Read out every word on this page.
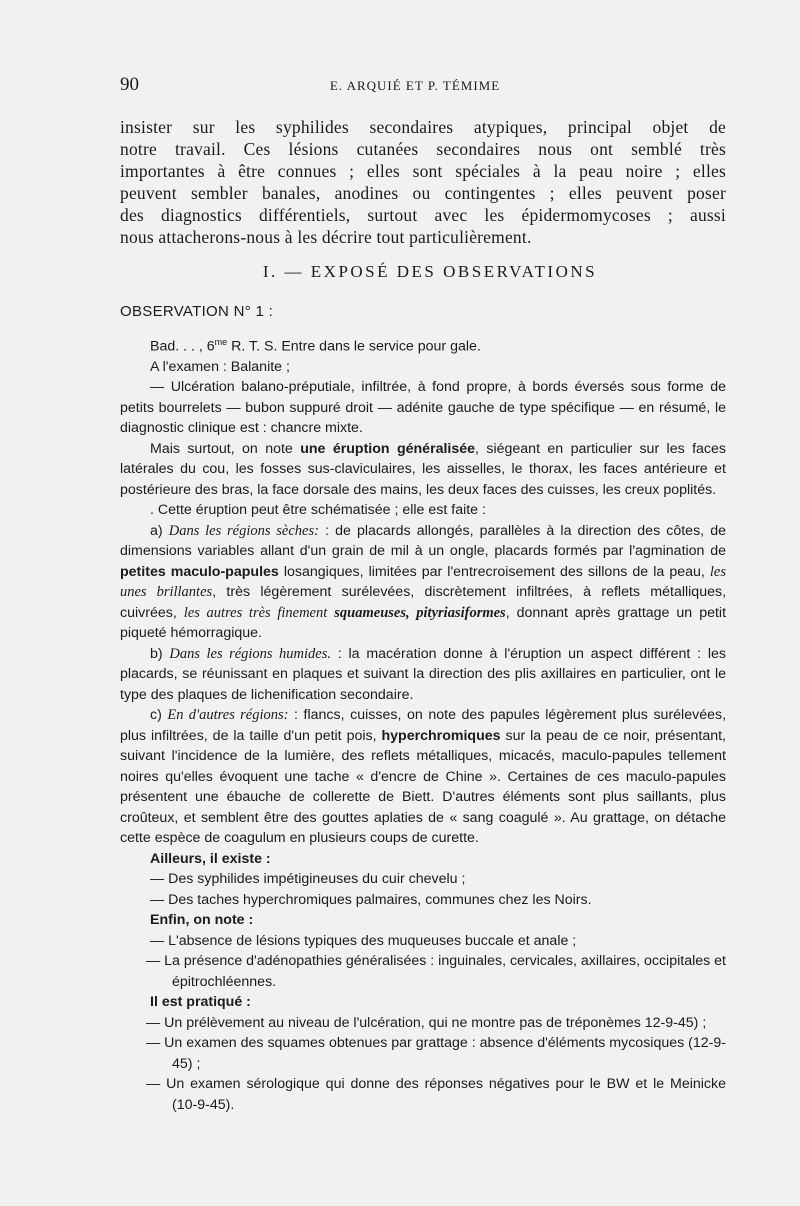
90	E. ARQUIÉ ET P. TÉMIME
insister sur les syphilides secondaires atypiques, principal objet de
notre travail. Ces lésions cutanées secondaires nous ont semblé très
importantes à être connues ; elles sont spéciales à la peau noire ; elles
peuvent sembler banales, anodines ou contingentes ; elles peuvent poser
des diagnostics différentiels, surtout avec les épidermomycoses ; aussi
nous attacherons-nous à les décrire tout particulièrement.
I. — EXPOSÉ DES OBSERVATIONS

OBSERVATION N° 1 :

Bad. . . , $6^{me}$ R. T. S. Entre dans le service pour gale.

A l'examen : Balanite ;

— Ulcération balano-préputiale, infiltrée, à fond propre, à bords éversés sous forme de petits bourrelets — bubon suppuré droit — adénite gauche de type spécifique — en résumé, le diagnostic clinique est : chancre mixte.

Mais surtout, on note une éruption généralisée, siégeant en particulier sur les faces latérales du cou, les fosses sus-claviculaires, les aisselles, le thorax, les faces antérieure et postérieure des bras, la face dorsale des mains, les deux faces des cuisses, les creux poplités.

. Cette éruption peut être schématisée ; elle est faite :

a) Dans les régions sèches: : de placards allongés, parallèles à la direction des côtes, de dimensions variables allant d'un grain de mil à un ongle, placards formés par l'agmination de petites maculo-papules losangiques, limitées par l'entrecroisement des sillons de la peau, les unes brillantes, très légèrement surélevées, discrètement infiltrées, à reflets métalliques, cuivrées, les autres très finement squameuses, pityriasiformes, donnant après grattage un petit piqueté hémorragique.

b) Dans les régions humides. : la macération donne à l'éruption un aspect différent : les placards, se réunissant en plaques et suivant la direction des plis axillaires en particulier, ont le type des plaques de lichenification secondaire.

c) En d'autres régions: : flancs, cuisses, on note des papules légèrement plus surélevées, plus infiltrées, de la taille d'un petit pois, hyperchromiques sur la peau de ce noir, présentant, suivant l'incidence de la lumière, des reflets métalliques, micacés, maculo-papules tellement noires qu'elles évoquent une tache « d'encre de Chine ». Certaines de ces maculo-papules présentent une ébauche de collerette de Biett. D'autres éléments sont plus saillants, plus croûteux, et semblent être des gouttes aplaties de « sang coagulé ». Au grattage, on détache cette espèce de coagulum en plusieurs coups de curette.

Ailleurs, il existe :

— Des syphilides impétigineuses du cuir chevelu ;

— Des taches hyperchromiques palmaires, communes chez les Noirs.

Enfin, on note :

— L'absence de lésions typiques des muqueuses buccale et anale ;

— La présence d'adénopathies généralisées : inguinales, cervicales, axillaires, occipitales et épitrochléennes.

Il est pratiqué :

— Un prélèvement au niveau de l'ulcération, qui ne montre pas de tréponèmes 12-9-45) ;

— Un examen des squames obtenues par grattage : absence d'éléments mycosiques (12-9-45) ;

— Un examen sérologique qui donne des réponses négatives pour le BW et le Meinicke (10-9-45).
